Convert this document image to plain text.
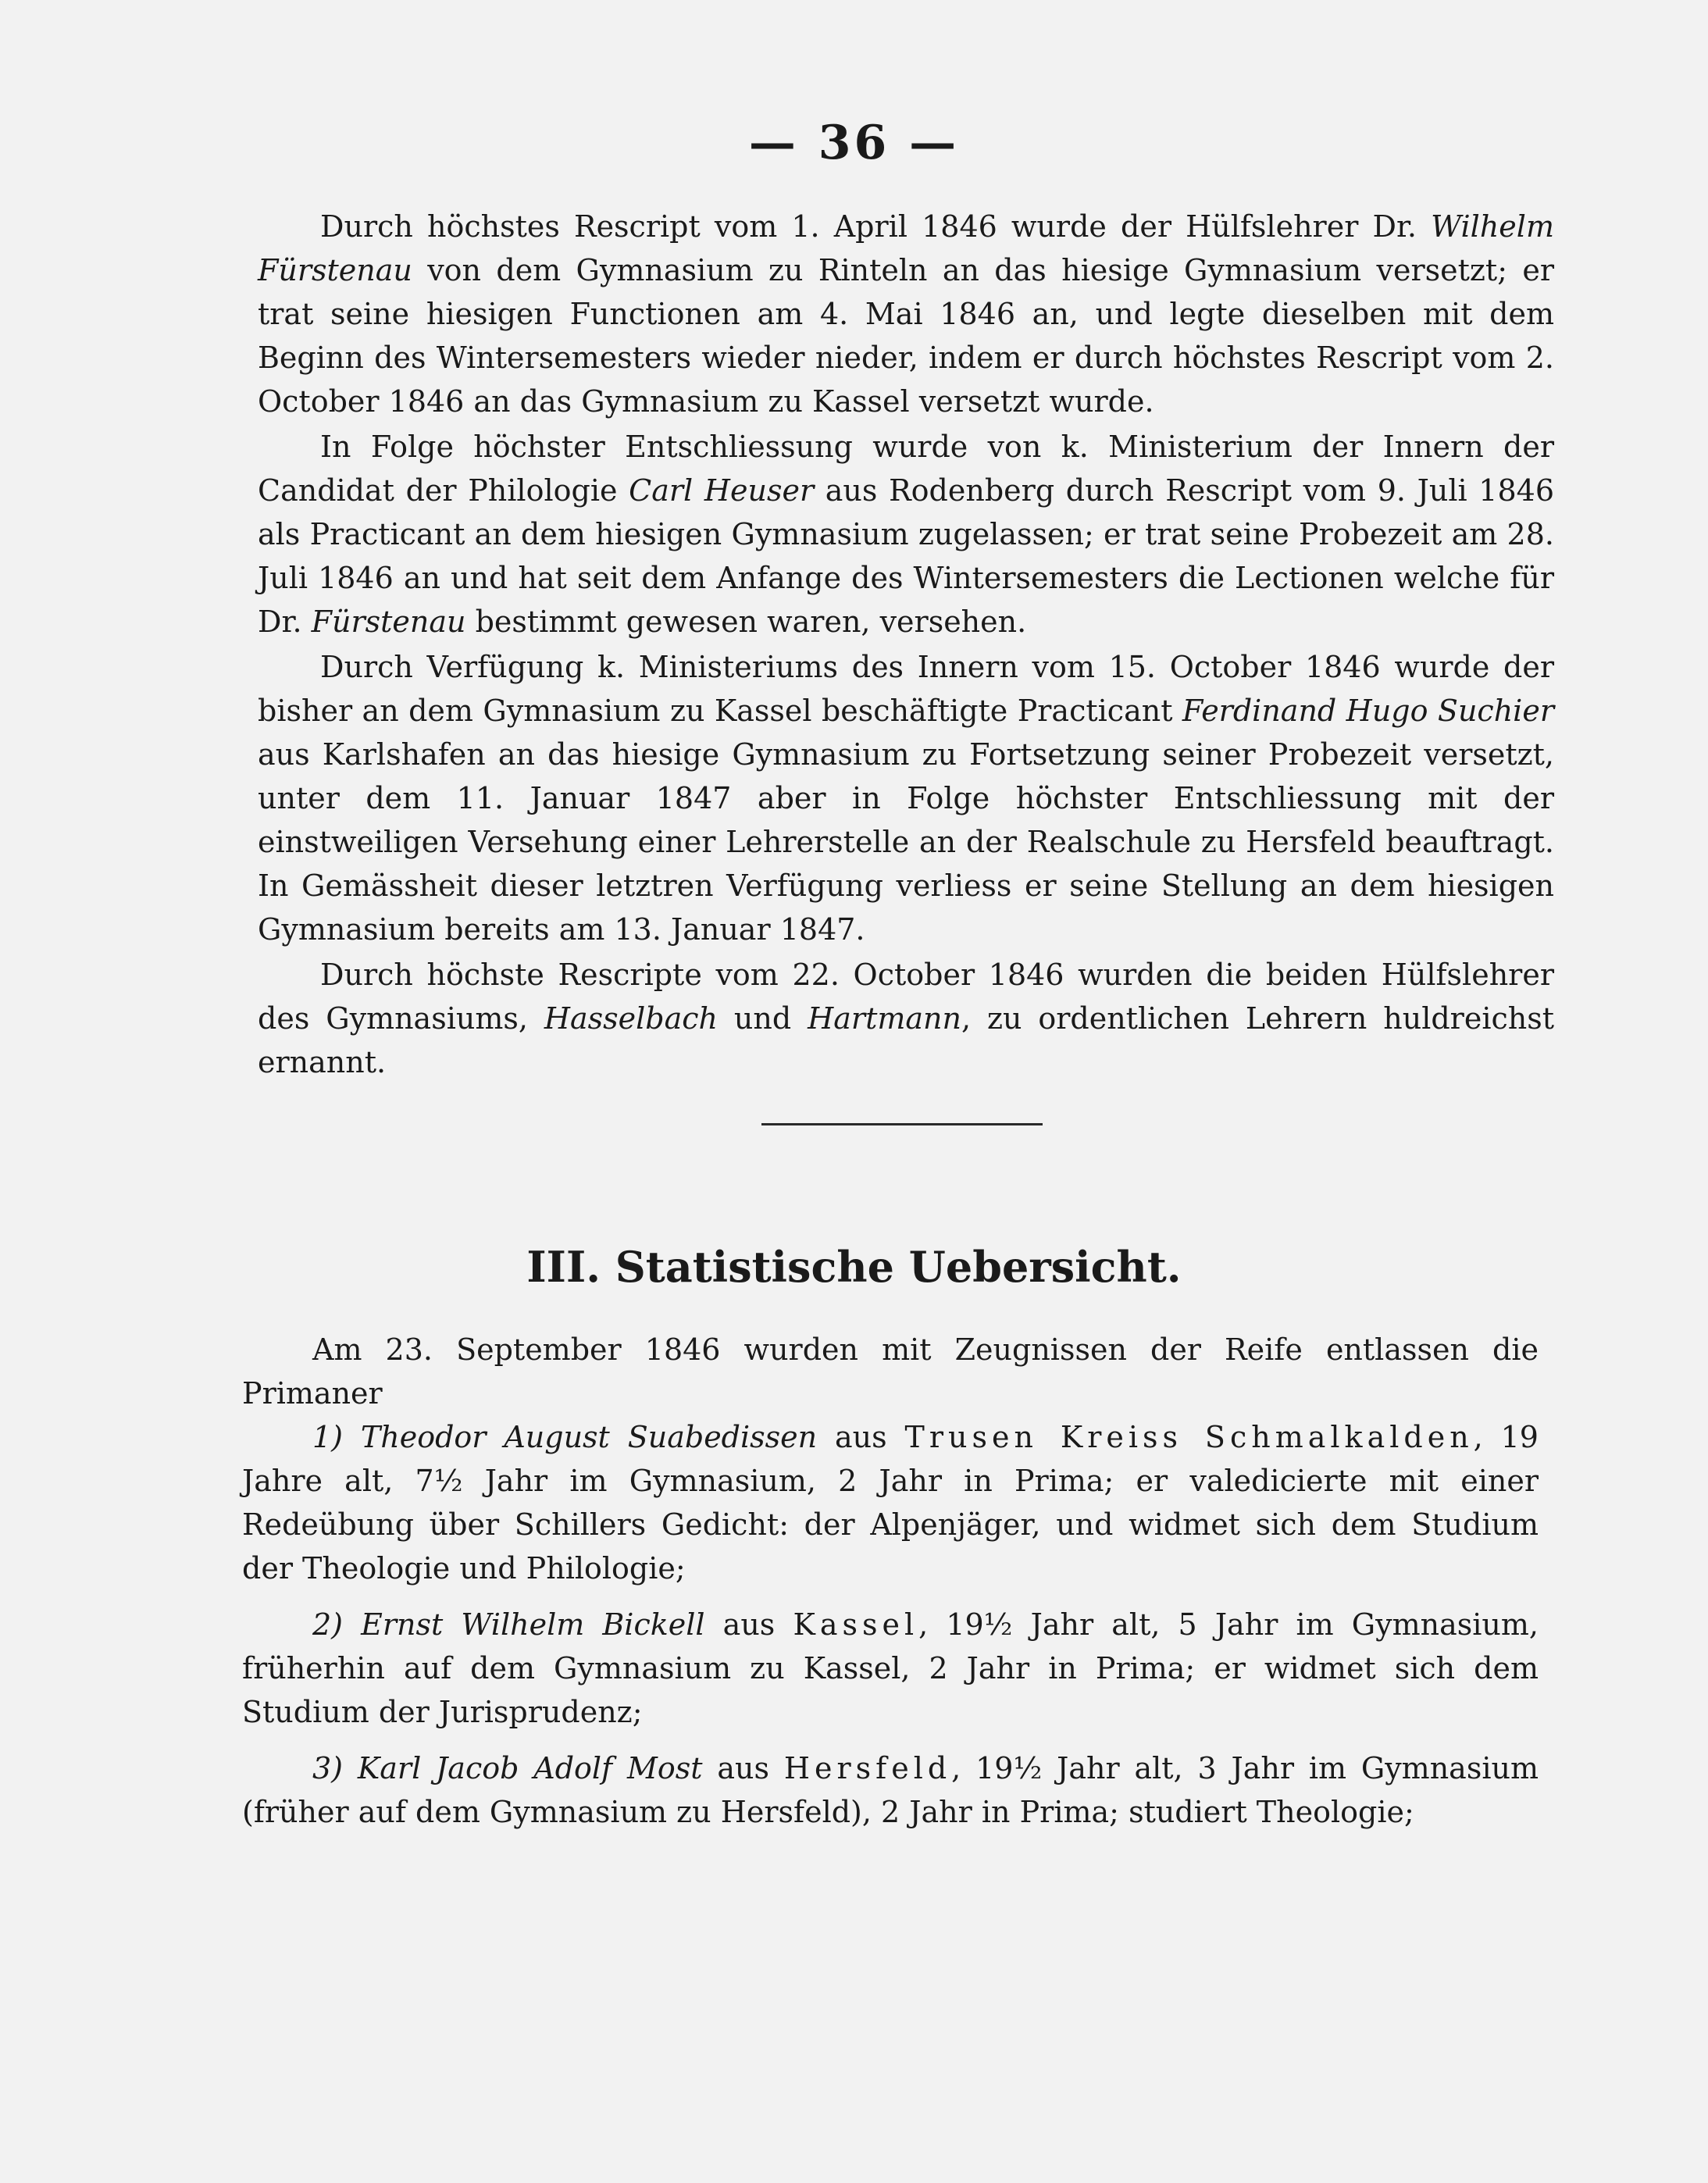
— 36 —

Durch höchstes Rescript vom 1. April 1846 wurde der Hülfslehrer Dr. Wilhelm Fürstenau von dem Gymnasium zu Rinteln an das hiesige Gymnasium versetzt; er trat seine hiesigen Functionen am 4. Mai 1846 an, und legte dieselben mit dem Beginn des Wintersemesters wieder nieder, indem er durch höchstes Rescript vom 2. October 1846 an das Gymnasium zu Kassel versetzt wurde.

In Folge höchster Entschliessung wurde von k. Ministerium der Innern der Candidat der Philologie Carl Heuser aus Rodenberg durch Rescript vom 9. Juli 1846 als Practicant an dem hiesigen Gymnasium zugelassen; er trat seine Probezeit am 28. Juli 1846 an und hat seit dem Anfange des Wintersemesters die Lectionen welche für Dr. Fürstenau bestimmt gewesen waren, versehen.

Durch Verfügung k. Ministeriums des Innern vom 15. October 1846 wurde der bisher an dem Gymnasium zu Kassel beschäftigte Practicant Ferdinand Hugo Suchier aus Karlshafen an das hiesige Gymnasium zu Fortsetzung seiner Probezeit versetzt, unter dem 11. Januar 1847 aber in Folge höchster Entschliessung mit der einstweiligen Versehung einer Lehrerstelle an der Realschule zu Hersfeld beauftragt. In Gemässheit dieser letztren Verfügung verliess er seine Stellung an dem hiesigen Gymnasium bereits am 13. Januar 1847.

Durch höchste Rescripte vom 22. October 1846 wurden die beiden Hülfslehrer des Gymnasiums, Hasselbach und Hartmann, zu ordentlichen Lehrern huldreichst ernannt.

III. Statistische Uebersicht.

Am 23. September 1846 wurden mit Zeugnissen der Reife entlassen die Primaner

1) Theodor August Suabedissen aus Trusen Kreiss Schmalkalden, 19 Jahre alt, 7½ Jahr im Gymnasium, 2 Jahr in Prima; er valedicierte mit einer Redeübung über Schillers Gedicht: der Alpenjäger, und widmet sich dem Studium der Theologie und Philologie;

2) Ernst Wilhelm Bickell aus Kassel, 19½ Jahr alt, 5 Jahr im Gymnasium, früherhin auf dem Gymnasium zu Kassel, 2 Jahr in Prima; er widmet sich dem Studium der Jurisprudenz;

3) Karl Jacob Adolf Most aus Hersfeld, 19½ Jahr alt, 3 Jahr im Gymnasium (früher auf dem Gymnasium zu Hersfeld), 2 Jahr in Prima; studiert Theologie;
